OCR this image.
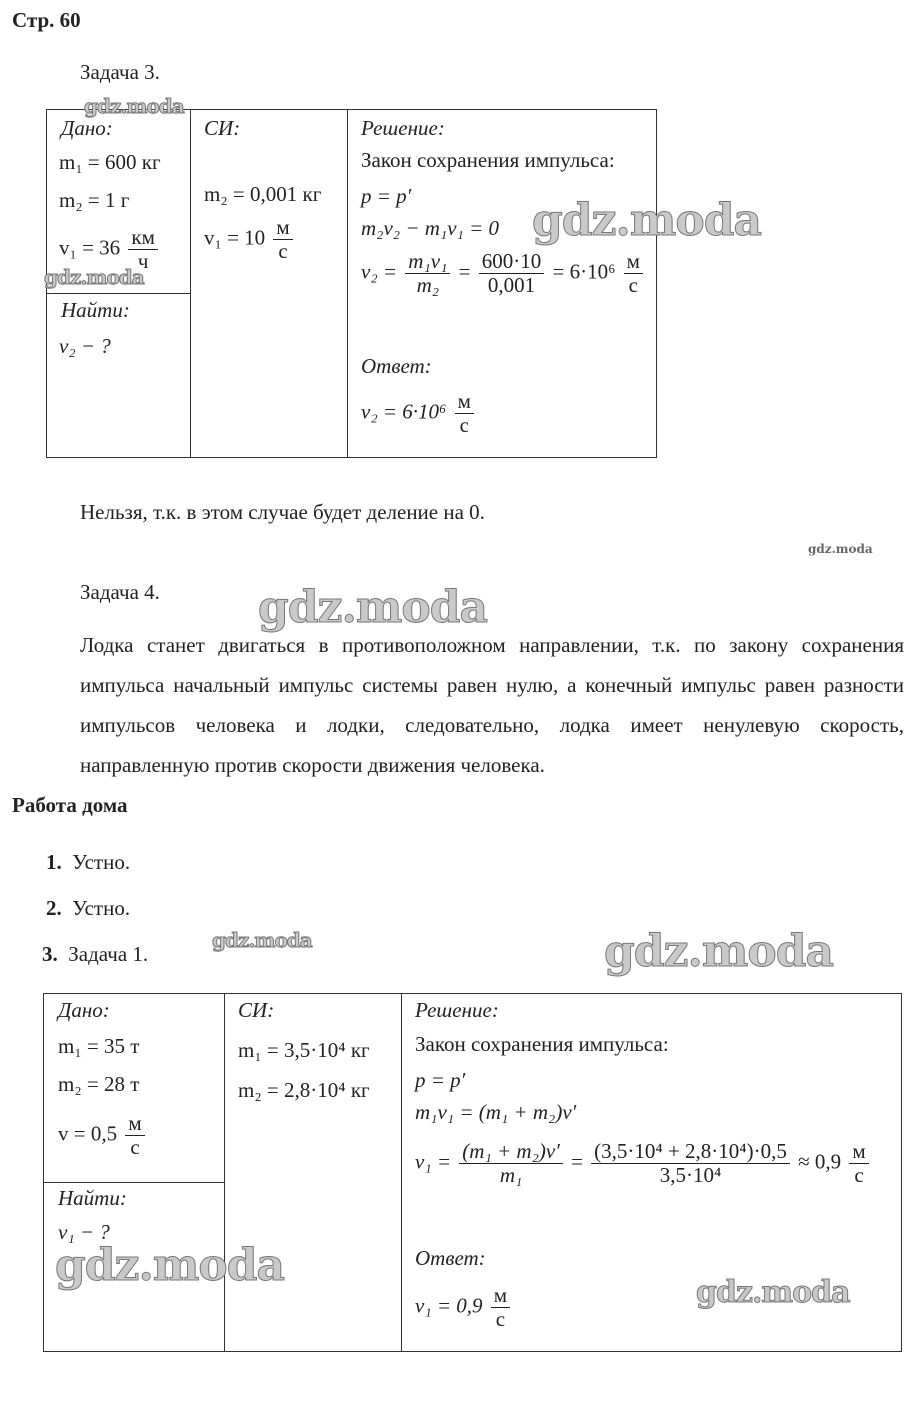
Стр. 60
Задача 3.
Дано:
m₁ = 600 кг
m₂ = 1 г
$v_1 = 36 \frac{км}{ч}$
Найти:
v₂ − ?
СИ:
m₂ = 0,001 кг
$v_1 = 10 \frac{м}{с}$
Решение:
Закон сохранения импульса:
p = p′
m₂v₂ − m₁v₁ = 0
$v_2 = \frac{\text{m₁v₁}}{\text{m₂}} = \frac{600\cdot 10}{0,001} = 6\cdot 10^6 \frac{м}{с}$
Ответ:
$v_2 = 6\cdot 10^6 \frac{м}{с}$
Нельзя, т.к. в этом случае будет деление на 0.
gdz.moda
Задача 4.
Лодка станет двигаться в противоположном направлении, т.к. по закону сохранения импульса начальный импульс системы равен нулю, а конечный импульс равен разности импульсов человека и лодки, следовательно, лодка имеет ненулевую скорость, направленную против скорости движения человека.
Работа дома
1. Устно.
2. Устно.
3. Задача 1.
Дано:
m₁ = 35 т
m₂ = 28 т
$v = 0,5 \frac{м}{с}$
Найти:
v₁ − ?
СИ:
m₁ = 3,5·10⁴ кг
m₂ = 2,8·10⁴ кг
Решение:
Закон сохранения импульса:
p = p′
m₁v₁ = (m₁ + m₂)v′
$v_1 = \frac{\text{(m₁ + m₂)v′}}{\text{m₁}} = \frac{\text{(3,5·10⁴ + 2,8·10⁴)·0,5}}{\text{3,5·10⁴}} \approx 0,9 \frac{м}{с}$
Ответ:
$v_1 = 0,9 \frac{м}{с}$
gdz.moda
gdz.moda
gdz.moda
gdz.moda
gdz.moda	gdz.moda
gdz.moda
gdz.moda
